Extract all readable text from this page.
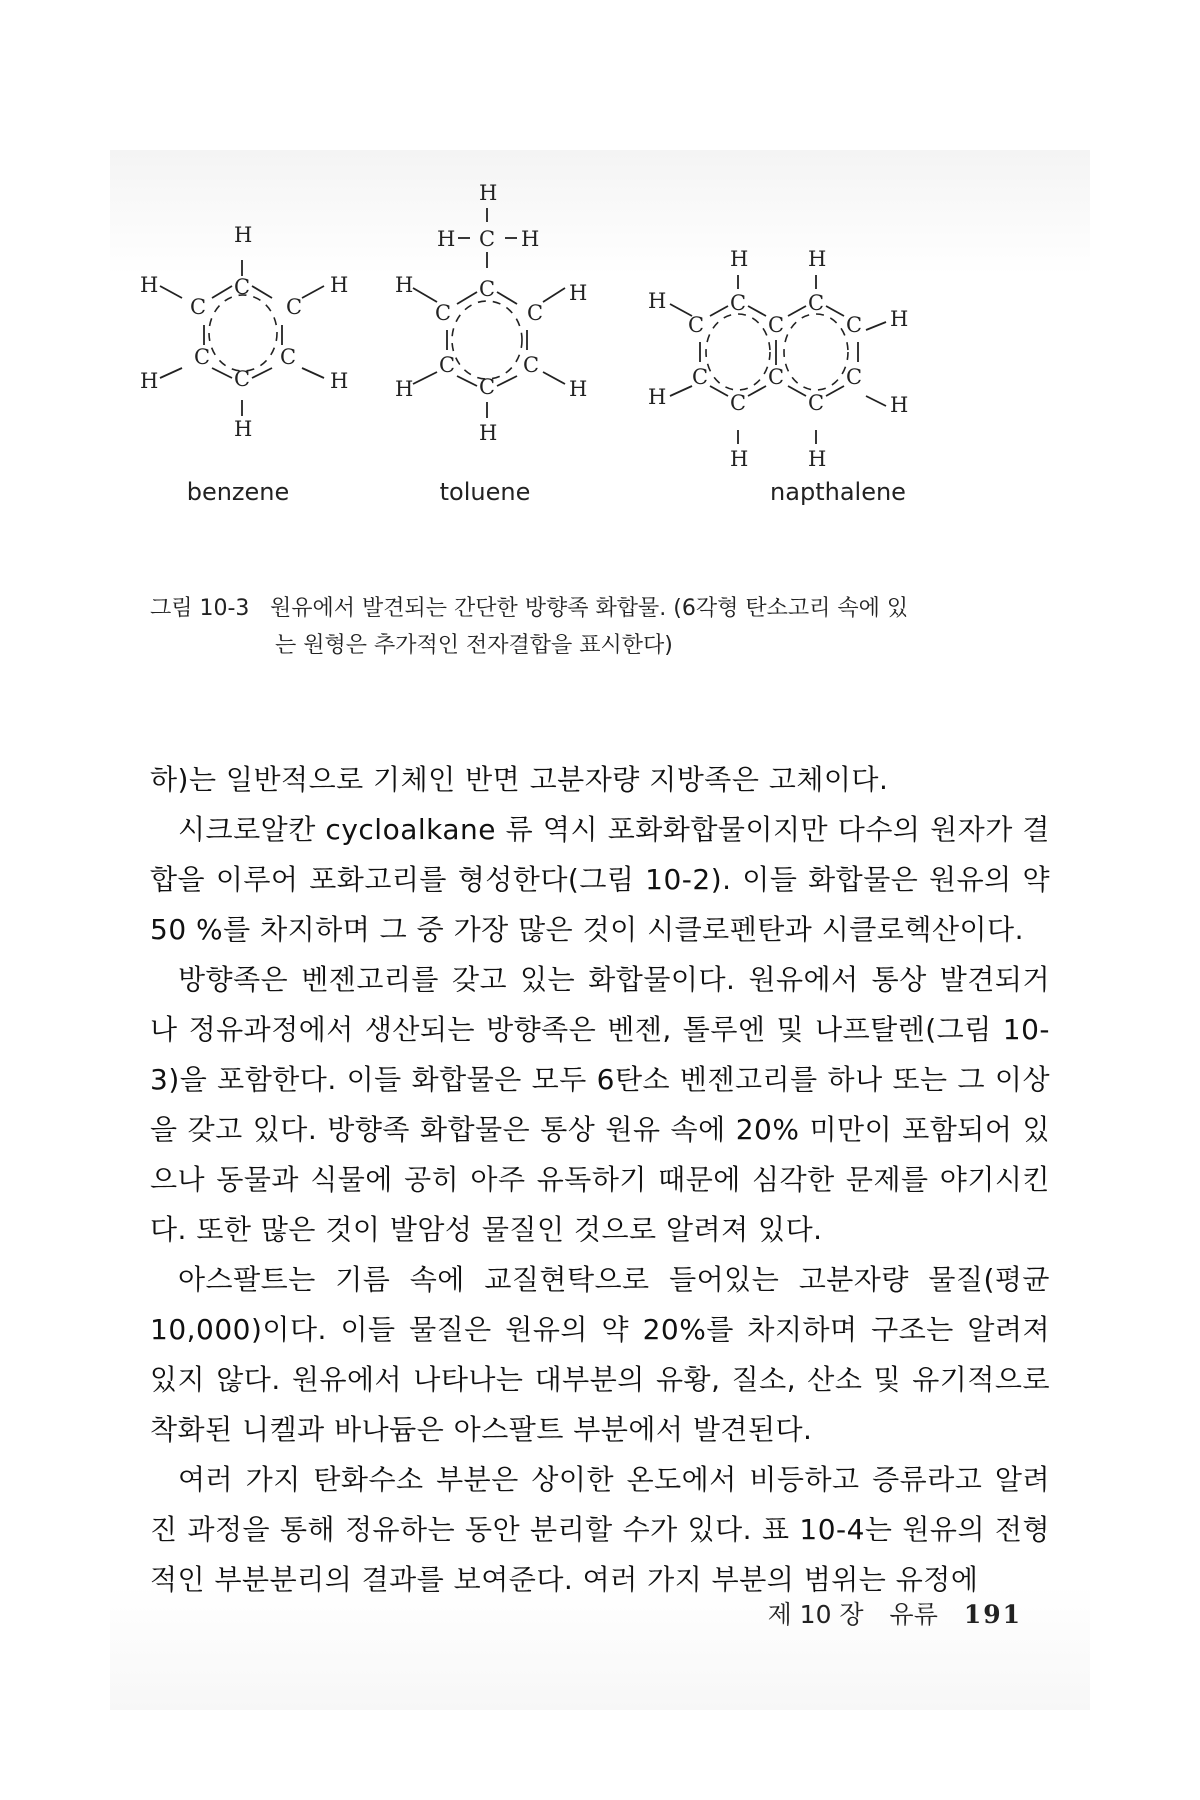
H
C
H
C	C
H
C	C
H	H
C
H
benzene
H
H C H
C
H
C	C
H
C	C
H	H
C
H
toluene
H	H
C	C
H
C	C	C H
C	C	C
H	H
C	C
H	H
napthalene
그림 10-3 원유에서 발견되는 간단한 방향족 화합물. (6각형 탄소고리 속에 있
는 원형은 추가적인 전자결합을 표시한다)

하)는 일반적으로 기체인 반면 고분자량 지방족은 고체이다.

시크로알칸 cycloalkane 류 역시 포화화합물이지만 다수의 원자가 결합을 이루어 포화고리를 형성한다(그림 10-2). 이들 화합물은 원유의 약 50 %를 차지하며 그 중 가장 많은 것이 시클로펜탄과 시클로헥산이다.

방향족은 벤젠고리를 갖고 있는 화합물이다. 원유에서 통상 발견되거나 정유과정에서 생산되는 방향족은 벤젠, 톨루엔 및 나프탈렌(그림 10-3)을 포함한다. 이들 화합물은 모두 6탄소 벤젠고리를 하나 또는 그 이상을 갖고 있다. 방향족 화합물은 통상 원유 속에 20% 미만이 포함되어 있으나 동물과 식물에 공히 아주 유독하기 때문에 심각한 문제를 야기시킨다. 또한 많은 것이 발암성 물질인 것으로 알려져 있다.

아스팔트는 기름 속에 교질현탁으로 들어있는 고분자량 물질(평균 10,000)이다. 이들 물질은 원유의 약 20%를 차지하며 구조는 알려져 있지 않다. 원유에서 나타나는 대부분의 유황, 질소, 산소 및 유기적으로 착화된 니켈과 바나듐은 아스팔트 부분에서 발견된다.

여러 가지 탄화수소 부분은 상이한 온도에서 비등하고 증류라고 알려진 과정을 통해 정유하는 동안 분리할 수가 있다. 표 10-4는 원유의 전형적인 부분분리의 결과를 보여준다. 여러 가지 부분의 범위는 유정에

제 10 장 유류 191
